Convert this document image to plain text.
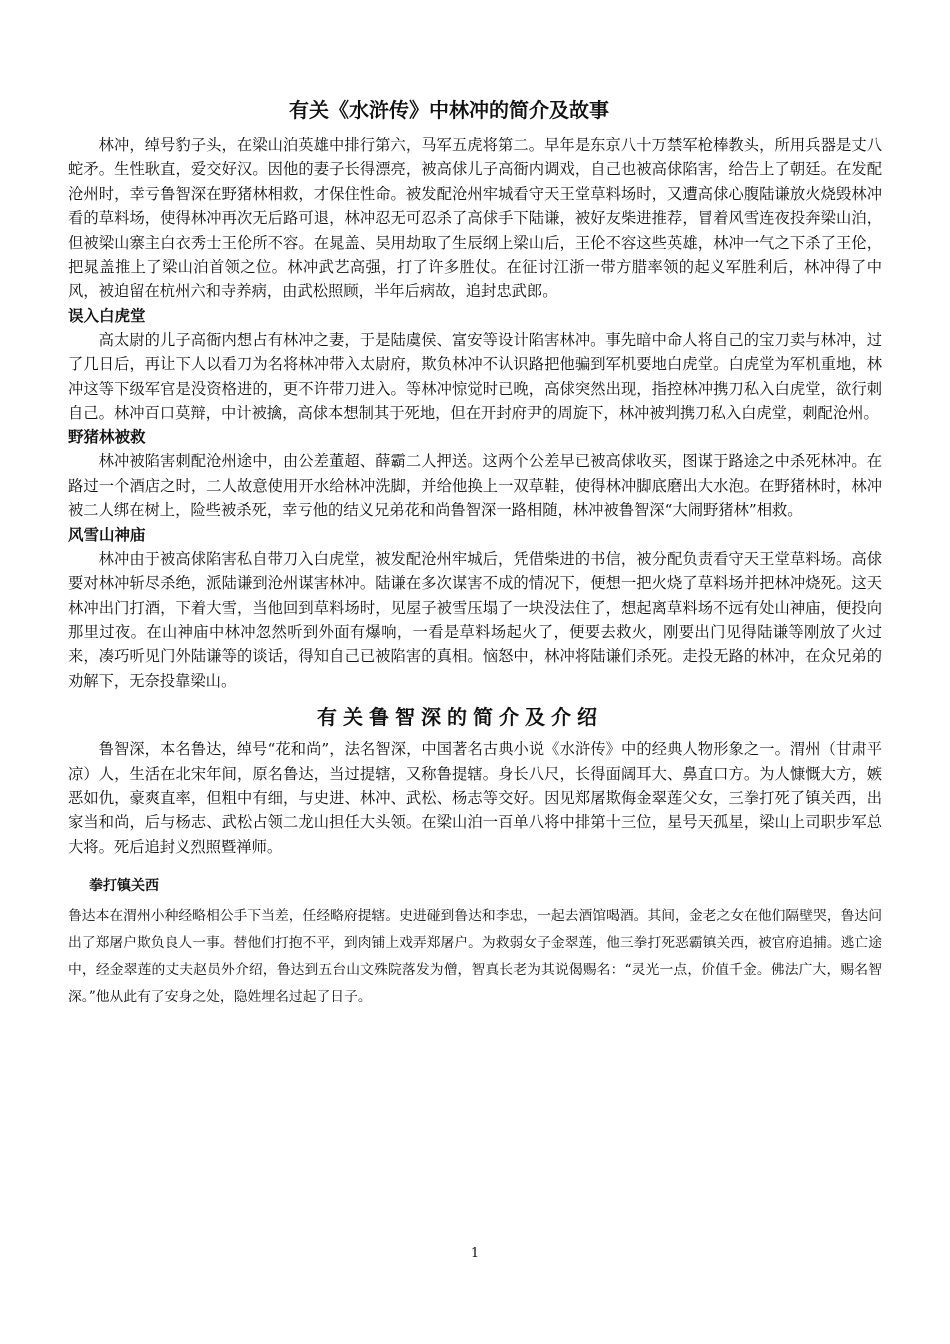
有关《水浒传》中林冲的简介及故事

林冲，绰号豹子头，在梁山泊英雄中排行第六，马军五虎将第二。早年是东京八十万禁军枪棒教头，所用兵器是丈八蛇矛。生性耿直，爱交好汉。因他的妻子长得漂亮，被高俅儿子高衙内调戏，自己也被高俅陷害，给告上了朝廷。在发配沧州时，幸亏鲁智深在野猪林相救，才保住性命。被发配沧州牢城看守天王堂草料场时，又遭高俅心腹陆谦放火烧毁林冲看的草料场，使得林冲再次无后路可退，林冲忍无可忍杀了高俅手下陆谦，被好友柴进推荐，冒着风雪连夜投奔梁山泊，但被梁山寨主白衣秀士王伦所不容。在晁盖、吴用劫取了生辰纲上梁山后，王伦不容这些英雄，林冲一气之下杀了王伦，把晁盖推上了梁山泊首领之位。林冲武艺高强，打了许多胜仗。在征讨江浙一带方腊率领的起义军胜利后，林冲得了中风，被迫留在杭州六和寺养病，由武松照顾，半年后病故，追封忠武郎。

误入白虎堂

高太尉的儿子高衙内想占有林冲之妻，于是陆虞侯、富安等设计陷害林冲。事先暗中命人将自己的宝刀卖与林冲，过了几日后，再让下人以看刀为名将林冲带入太尉府，欺负林冲不认识路把他骗到军机要地白虎堂。白虎堂为军机重地，林冲这等下级军官是没资格进的，更不许带刀进入。等林冲惊觉时已晚，高俅突然出现，指控林冲携刀私入白虎堂，欲行刺自己。林冲百口莫辩，中计被擒，高俅本想制其于死地，但在开封府尹的周旋下，林冲被判携刀私入白虎堂，刺配沧州。

野猪林被救

林冲被陷害刺配沧州途中，由公差董超、薛霸二人押送。这两个公差早已被高俅收买，图谋于路途之中杀死林冲。在路过一个酒店之时，二人故意使用开水给林冲洗脚，并给他换上一双草鞋，使得林冲脚底磨出大水泡。在野猪林时，林冲被二人绑在树上，险些被杀死，幸亏他的结义兄弟花和尚鲁智深一路相随，林冲被鲁智深“大闹野猪林”相救。

风雪山神庙

林冲由于被高俅陷害私自带刀入白虎堂，被发配沧州牢城后，凭借柴进的书信，被分配负责看守天王堂草料场。高俅要对林冲斩尽杀绝，派陆谦到沧州谋害林冲。陆谦在多次谋害不成的情况下，便想一把火烧了草料场并把林冲烧死。这天林冲出门打酒，下着大雪，当他回到草料场时，见屋子被雪压塌了一块没法住了，想起离草料场不远有处山神庙，便投向那里过夜。在山神庙中林冲忽然听到外面有爆响，一看是草料场起火了，便要去救火，刚要出门见得陆谦等刚放了火过来，凑巧听见门外陆谦等的谈话，得知自己已被陷害的真相。恼怒中，林冲将陆谦们杀死。走投无路的林冲，在众兄弟的劝解下，无奈投靠梁山。

有关鲁智深的简介及介绍

鲁智深，本名鲁达，绰号“花和尚”，法名智深，中国著名古典小说《水浒传》中的经典人物形象之一。渭州（甘肃平凉）人，生活在北宋年间，原名鲁达，当过提辖，又称鲁提辖。身长八尺，长得面阔耳大、鼻直口方。为人慷慨大方，嫉恶如仇，豪爽直率，但粗中有细，与史进、林冲、武松、杨志等交好。因见郑屠欺侮金翠莲父女，三拳打死了镇关西，出家当和尚，后与杨志、武松占领二龙山担任大头领。在梁山泊一百单八将中排第十三位，星号天孤星，梁山上司职步军总大将。死后追封义烈照暨禅师。

拳打镇关西

鲁达本在渭州小种经略相公手下当差，任经略府提辖。史进碰到鲁达和李忠，一起去酒馆喝酒。其间，金老之女在他们隔壁哭，鲁达问出了郑屠户欺负良人一事。替他们打抱不平，到肉铺上戏弄郑屠户。为救弱女子金翠莲，他三拳打死恶霸镇关西，被官府追捕。逃亡途中，经金翠莲的丈夫赵员外介绍，鲁达到五台山文殊院落发为僧，智真长老为其说偈赐名：“灵光一点，价值千金。佛法广大，赐名智深。”他从此有了安身之处，隐姓埋名过起了日子。

1
